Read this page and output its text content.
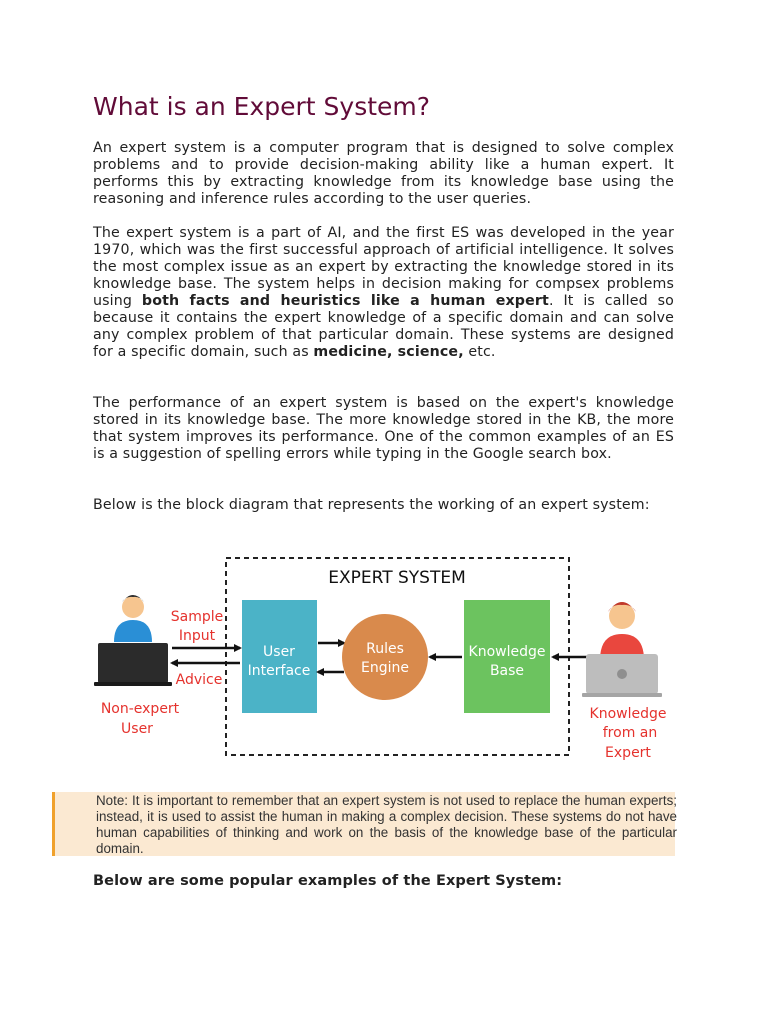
What is an Expert System?

An expert system is a computer program that is designed to solve complex problems and to provide decision-making ability like a human expert. It performs this by extracting knowledge from its knowledge base using the reasoning and inference rules according to the user queries.

The expert system is a part of AI, and the first ES was developed in the year 1970, which was the first successful approach of artificial intelligence. It solves the most complex issue as an expert by extracting the knowledge stored in its knowledge base. The system helps in decision making for compsex problems using both facts and heuristics like a human expert. It is called so because it contains the expert knowledge of a specific domain and can solve any complex problem of that particular domain. These systems are designed for a specific domain, such as medicine, science, etc.

The performance of an expert system is based on the expert's knowledge stored in its knowledge base. The more knowledge stored in the KB, the more that system improves its performance. One of the common examples of an ES is a suggestion of spelling errors while typing in the Google search box.

Below is the block diagram that represents the working of an expert system:

EXPERT SYSTEM
Sample
Input
Advice
Non-expert
User
User
Interface
Rules
Engine
Knowledge
Base
Knowledge
from an
Expert

Note: It is important to remember that an expert system is not used to replace the human experts; instead, it is used to assist the human in making a complex decision. These systems do not have human capabilities of thinking and work on the basis of the knowledge base of the particular domain.

Below are some popular examples of the Expert System:
